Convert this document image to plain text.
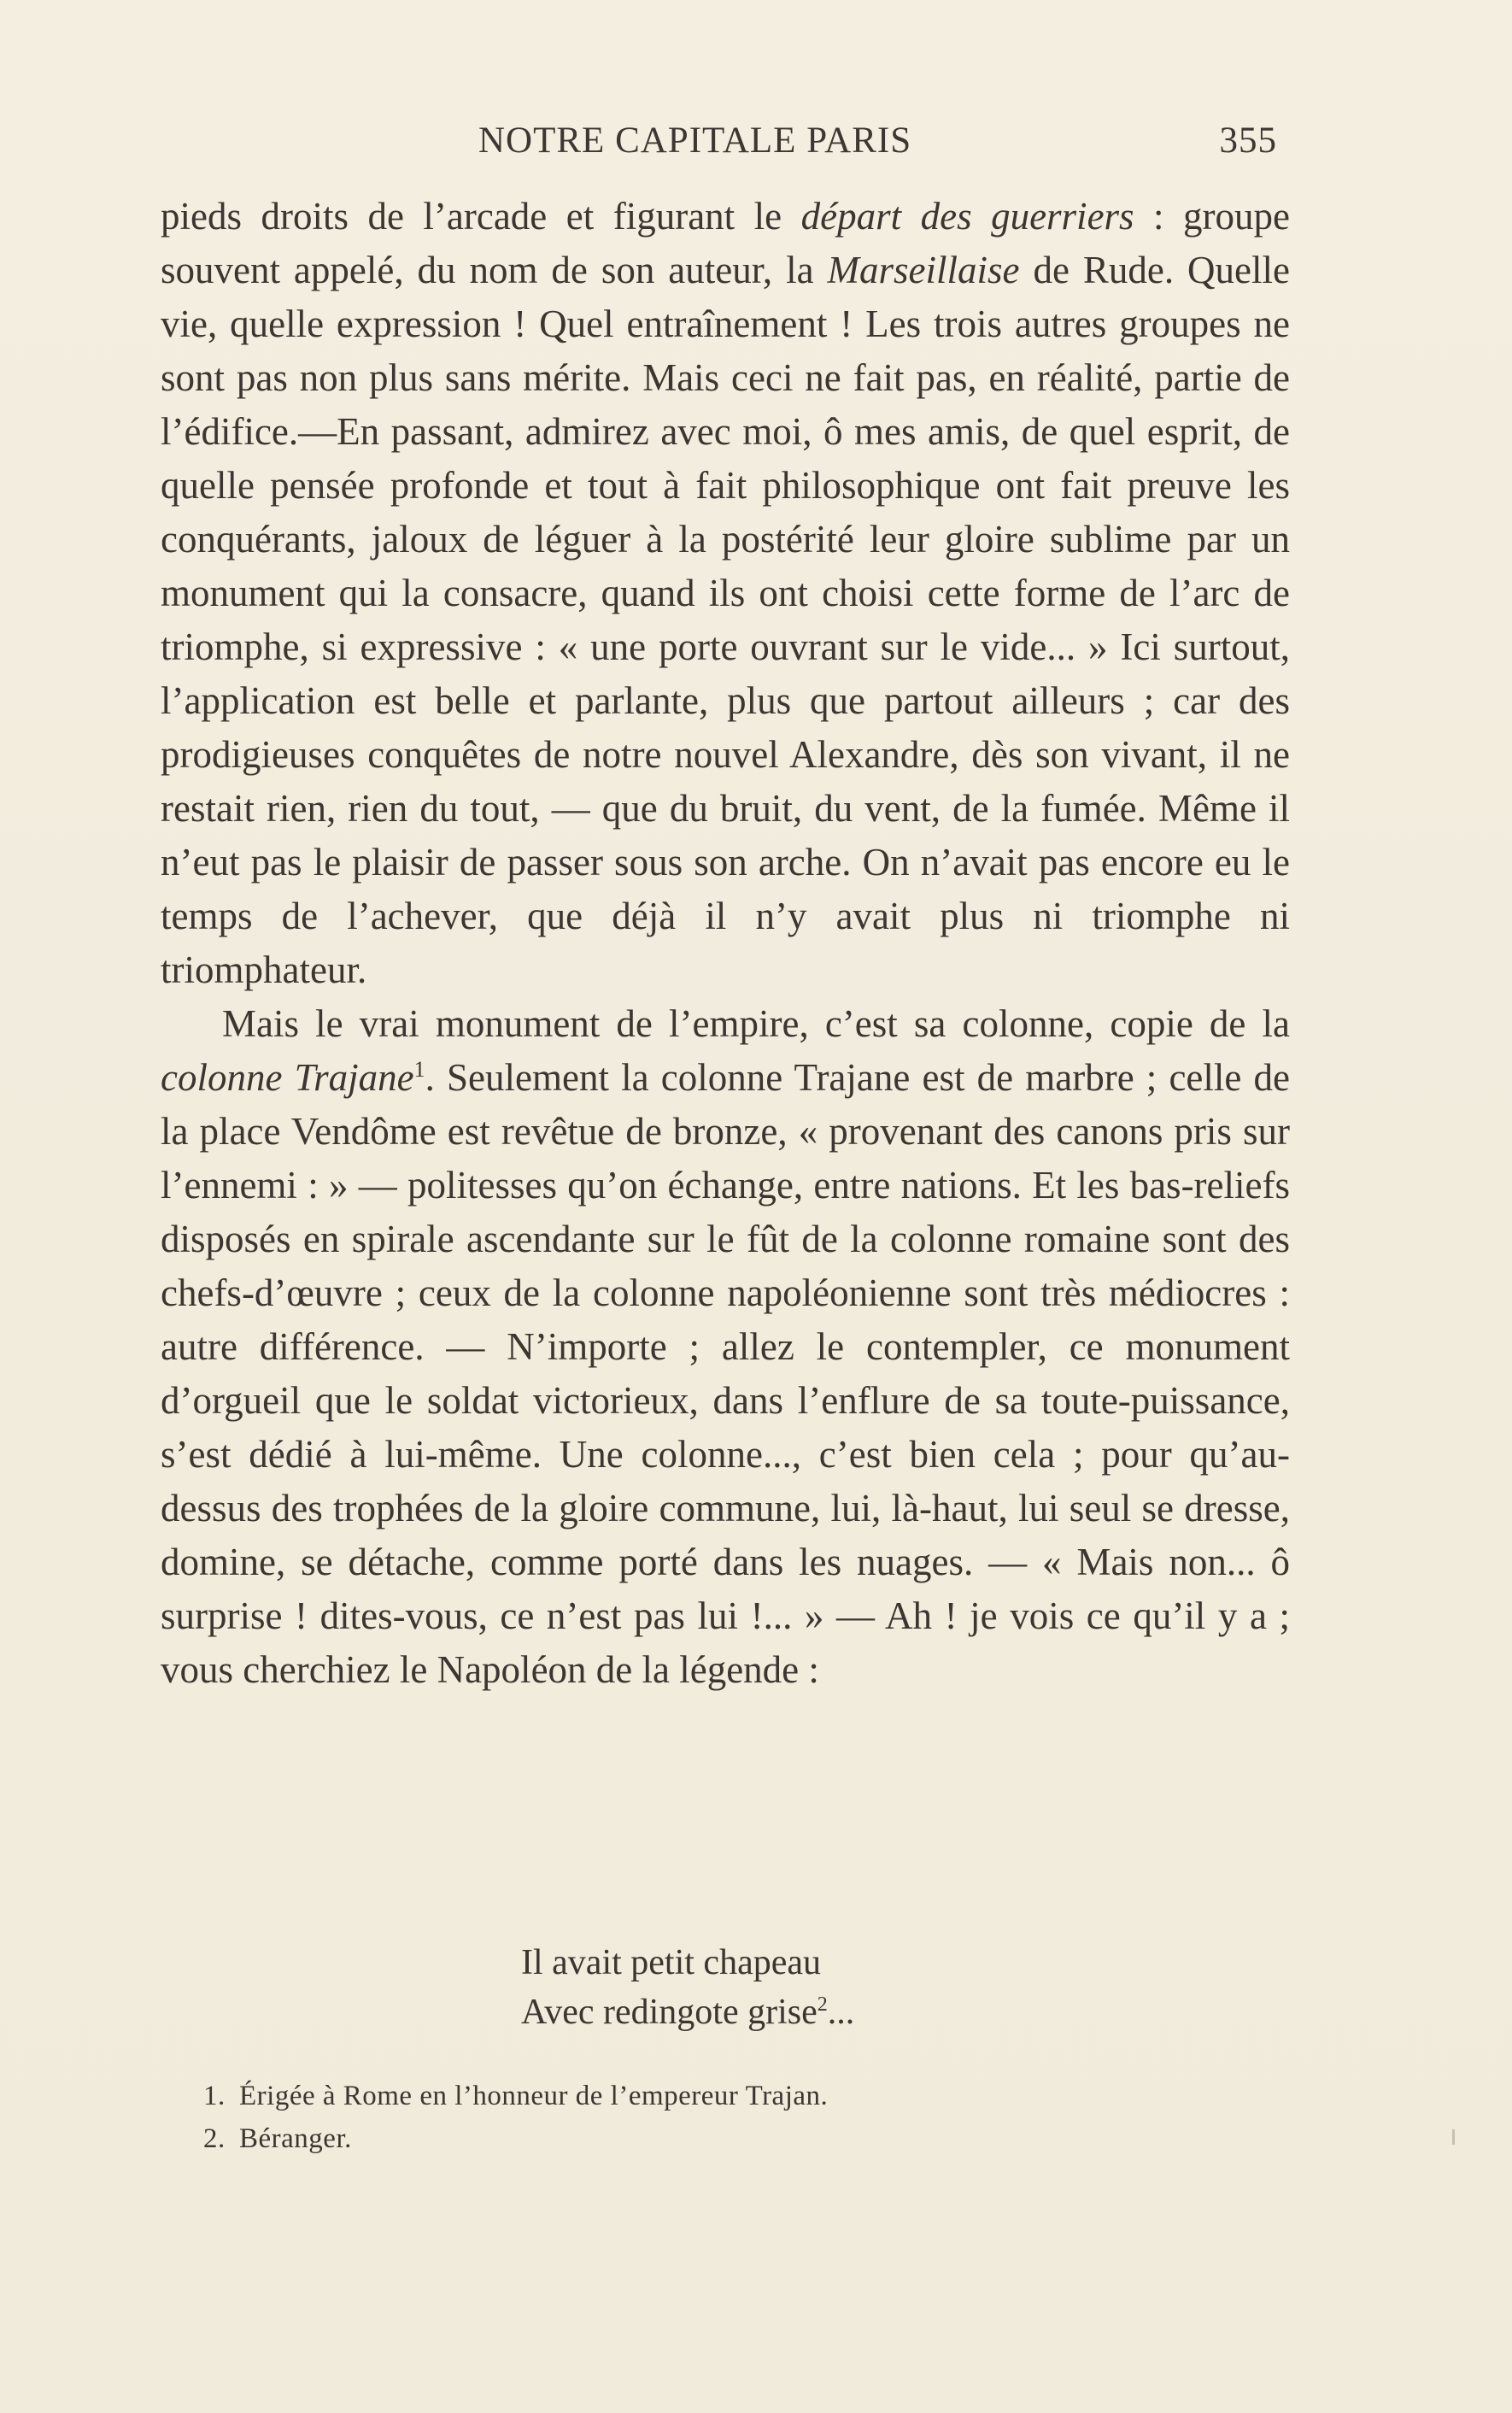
NOTRE CAPITALE PARIS	355

pieds droits de l’arcade et figurant le départ des guerriers : groupe souvent appelé, du nom de son auteur, la Marseillaise de Rude. Quelle vie, quelle expression ! Quel entraînement ! Les trois autres groupes ne sont pas non plus sans mérite. Mais ceci ne fait pas, en réalité, partie de l’édifice.—En passant, admirez avec moi, ô mes amis, de quel esprit, de quelle pensée profonde et tout à fait philosophique ont fait preuve les conquérants, jaloux de léguer à la postérité leur gloire sublime par un monument qui la consacre, quand ils ont choisi cette forme de l’arc de triomphe, si expressive : « une porte ouvrant sur le vide... » Ici surtout, l’application est belle et parlante, plus que partout ailleurs ; car des prodigieuses conquêtes de notre nouvel Alexandre, dès son vivant, il ne restait rien, rien du tout, — que du bruit, du vent, de la fumée. Même il n’eut pas le plaisir de passer sous son arche. On n’avait pas encore eu le temps de l’achever, que déjà il n’y avait plus ni triomphe ni triomphateur.

Mais le vrai monument de l’empire, c’est sa colonne, copie de la colonne Trajane$^1$. Seulement la colonne Trajane est de marbre ; celle de la place Vendôme est revêtue de bronze, « provenant des canons pris sur l’ennemi : » — politesses qu’on échange, entre nations. Et les bas-reliefs disposés en spirale ascendante sur le fût de la colonne romaine sont des chefs-d’œuvre ; ceux de la colonne napoléonienne sont très médiocres : autre différence. — N’importe ; allez le contempler, ce monument d’orgueil que le soldat victorieux, dans l’enflure de sa toute-puissance, s’est dédié à lui-même. Une colonne..., c’est bien cela ; pour qu’au-dessus des trophées de la gloire commune, lui, là-haut, lui seul se dresse, domine, se détache, comme porté dans les nuages. — « Mais non... ô surprise ! dites-vous, ce n’est pas lui !... » — Ah ! je vois ce qu’il y a ; vous cherchiez le Napoléon de la légende :

Il avait petit chapeau
Avec redingote grise$^2$...
1. Érigée à Rome en l’honneur de l’empereur Trajan.
2. Béranger.
